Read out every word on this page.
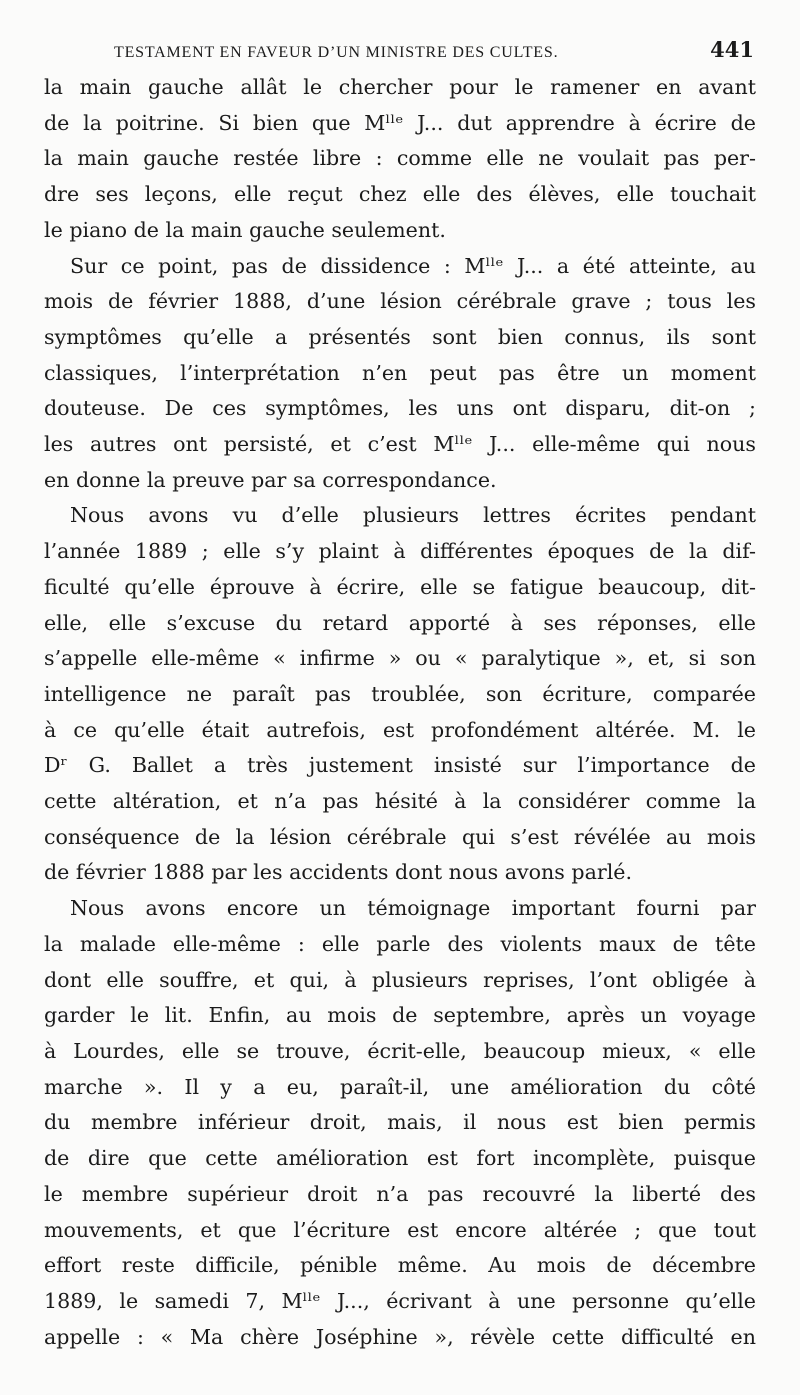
TESTAMENT EN FAVEUR D’UN MINISTRE DES CULTES.	441

la main gauche allât le chercher pour le ramener en avant
de la poitrine. Si bien que Mˡˡᵉ J... dut apprendre à écrire de
la main gauche restée libre : comme elle ne voulait pas per-
dre ses leçons, elle reçut chez elle des élèves, elle touchait
le piano de la main gauche seulement.

Sur ce point, pas de dissidence : Mˡˡᵉ J... a été atteinte, au
mois de février 1888, d’une lésion cérébrale grave ; tous les
symptômes qu’elle a présentés sont bien connus, ils sont
classiques, l’interprétation n’en peut pas être un moment
douteuse. De ces symptômes, les uns ont disparu, dit-on ;
les autres ont persisté, et c’est Mˡˡᵉ J... elle-même qui nous
en donne la preuve par sa correspondance.

Nous avons vu d’elle plusieurs lettres écrites pendant
l’année 1889 ; elle s’y plaint à différentes époques de la dif-
ficulté qu’elle éprouve à écrire, elle se fatigue beaucoup, dit-
elle, elle s’excuse du retard apporté à ses réponses, elle
s’appelle elle-même « infirme » ou « paralytique », et, si son
intelligence ne paraît pas troublée, son écriture, comparée
à ce qu’elle était autrefois, est profondément altérée. M. le
Dʳ G. Ballet a très justement insisté sur l’importance de
cette altération, et n’a pas hésité à la considérer comme la
conséquence de la lésion cérébrale qui s’est révélée au mois
de février 1888 par les accidents dont nous avons parlé.

Nous avons encore un témoignage important fourni par
la malade elle-même : elle parle des violents maux de tête
dont elle souffre, et qui, à plusieurs reprises, l’ont obligée à
garder le lit. Enfin, au mois de septembre, après un voyage
à Lourdes, elle se trouve, écrit-elle, beaucoup mieux, « elle
marche ». Il y a eu, paraît-il, une amélioration du côté
du membre inférieur droit, mais, il nous est bien permis
de dire que cette amélioration est fort incomplète, puisque
le membre supérieur droit n’a pas recouvré la liberté des
mouvements, et que l’écriture est encore altérée ; que tout
effort reste difficile, pénible même. Au mois de décembre
1889, le samedi 7, Mˡˡᵉ J..., écrivant à une personne qu’elle
appelle : « Ma chère Joséphine », révèle cette difficulté en
